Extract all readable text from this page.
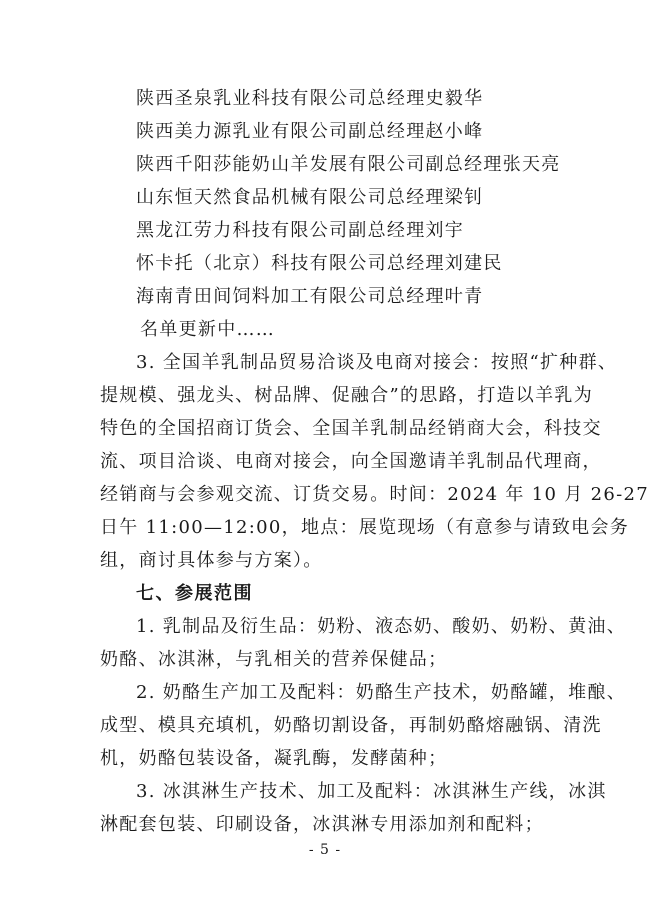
陕西圣泉乳业科技有限公司总经理史毅华
陕西美力源乳业有限公司副总经理赵小峰
陕西千阳莎能奶山羊发展有限公司副总经理张天亮
山东恒天然食品机械有限公司总经理梁钊
黑龙江劳力科技有限公司副总经理刘宇
怀卡托（北京）科技有限公司总经理刘建民
海南青田间饲料加工有限公司总经理叶青
名单更新中……
3. 全国羊乳制品贸易洽谈及电商对接会：按照“扩种群、
提规模、强龙头、树品牌、促融合”的思路，打造以羊乳为
特色的全国招商订货会、全国羊乳制品经销商大会，科技交
流、项目洽谈、电商对接会，向全国邀请羊乳制品代理商，
经销商与会参观交流、订货交易。时间：2024 年 10 月 26-27
日午 11:00—12:00，地点：展览现场（有意参与请致电会务
组，商讨具体参与方案）。
七、参展范围
1. 乳制品及衍生品：奶粉、液态奶、酸奶、奶粉、黄油、
奶酪、冰淇淋，与乳相关的营养保健品；
2. 奶酪生产加工及配料：奶酪生产技术，奶酪罐，堆酿、
成型、模具充填机，奶酪切割设备，再制奶酪熔融锅、清洗
机，奶酪包装设备，凝乳酶，发酵菌种；
3. 冰淇淋生产技术、加工及配料：冰淇淋生产线，冰淇
淋配套包装、印刷设备，冰淇淋专用添加剂和配料；
- 5 -
